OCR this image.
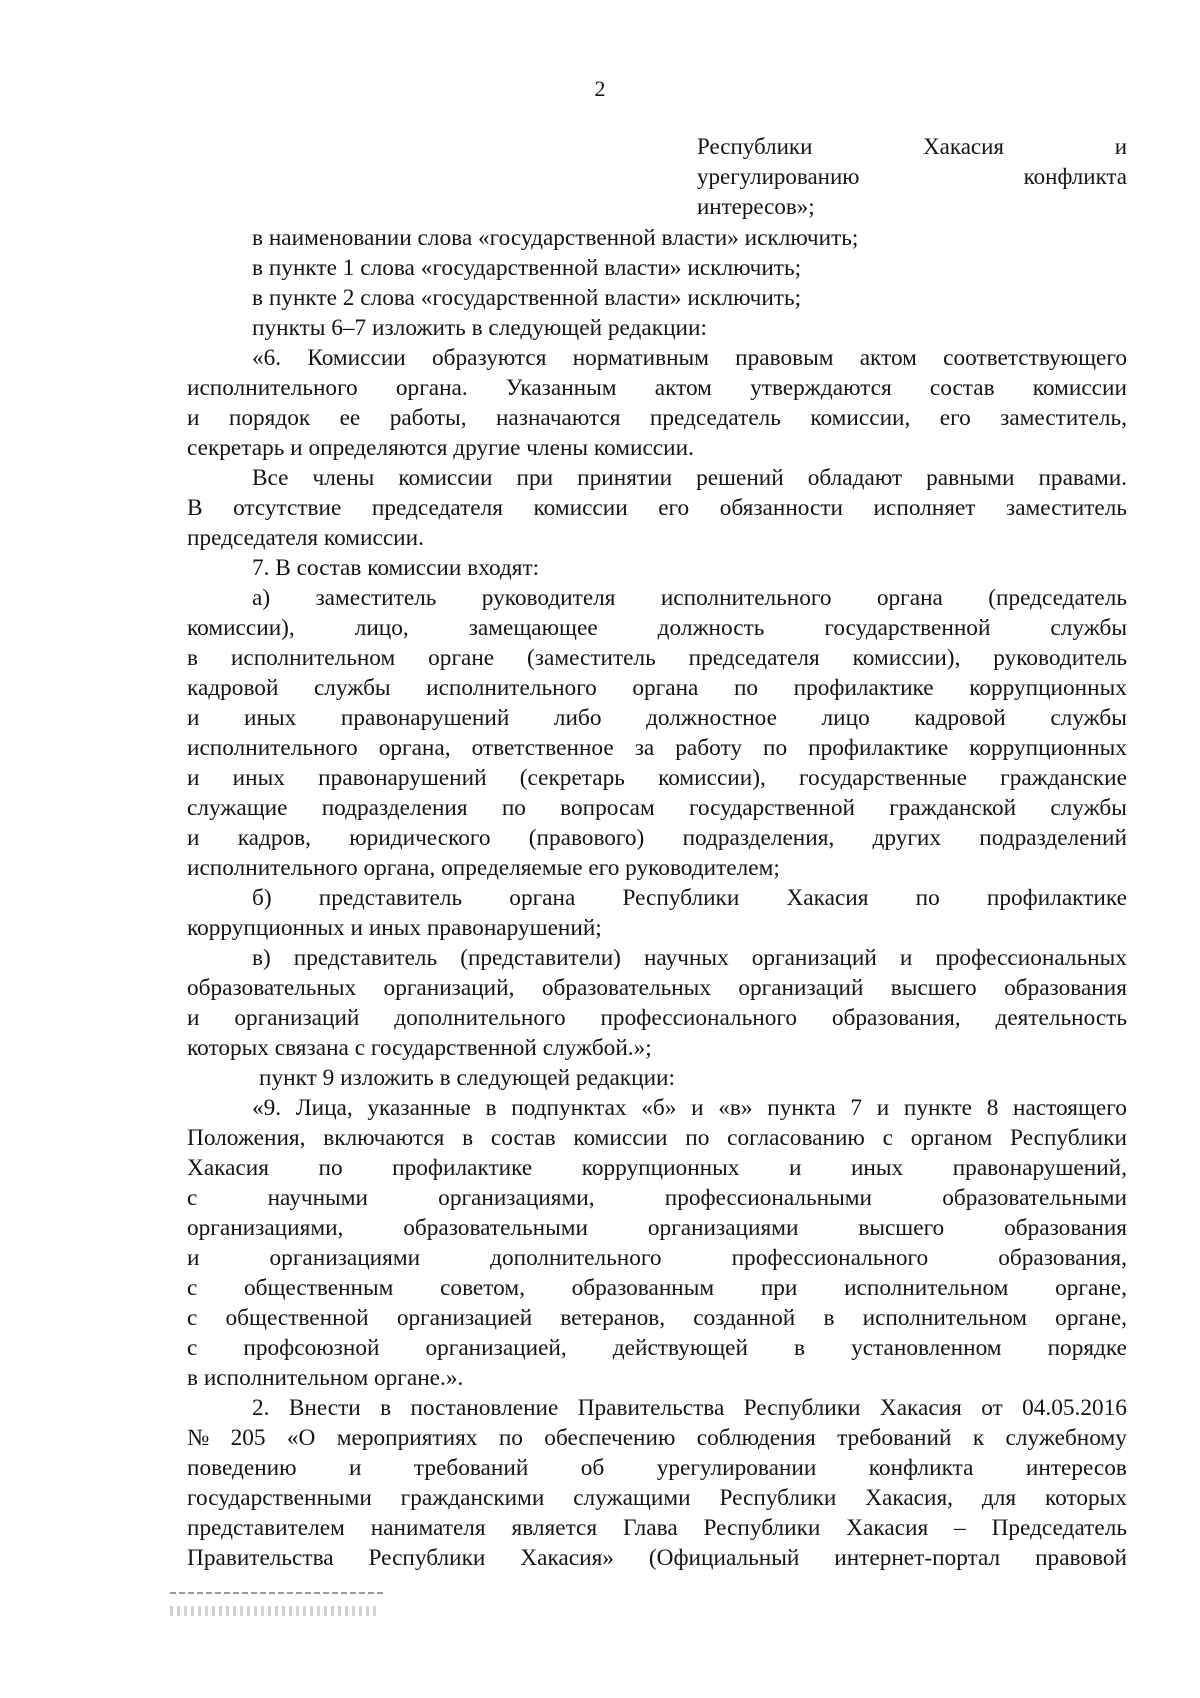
2
Республики	Хакасия	и
урегулированию	конфликта
интересов»;
в наименовании слова «государственной власти» исключить;
в пункте 1 слова «государственной власти» исключить;
в пункте 2 слова «государственной власти» исключить;
пункты 6–7 изложить в следующей редакции:
«6. Комиссии образуются нормативным правовым актом соответствующего
исполнительного органа. Указанным актом утверждаются состав комиссии
и порядок ее работы, назначаются председатель комиссии, его заместитель,
секретарь и определяются другие члены комиссии.
Все члены комиссии при принятии решений обладают равными правами.
В отсутствие председателя комиссии его обязанности исполняет заместитель
председателя комиссии.
7. В состав комиссии входят:
а) заместитель руководителя исполнительного органа (председатель
комиссии),	лицо,	замещающее	должность	государственной	службы
в исполнительном органе (заместитель председателя комиссии), руководитель
кадровой службы исполнительного органа по профилактике коррупционных
и иных правонарушений либо должностное лицо кадровой службы
исполнительного органа, ответственное за работу по профилактике коррупционных
и иных правонарушений (секретарь комиссии), государственные гражданские
служащие подразделения по вопросам государственной гражданской службы
и кадров, юридического (правового) подразделения, других подразделений
исполнительного органа, определяемые его руководителем;
б) представитель органа Республики Хакасия по профилактике
коррупционных и иных правонарушений;
в) представитель (представители) научных организаций и профессиональных
образовательных организаций, образовательных организаций высшего образования
и организаций дополнительного профессионального образования, деятельность
которых связана с государственной службой.»;
пункт 9 изложить в следующей редакции:
«9. Лица, указанные в подпунктах «б» и «в» пункта 7 и пункте 8 настоящего
Положения, включаются в состав комиссии по согласованию с органом Республики
Хакасия по профилактике коррупционных и иных правонарушений,
с	научными	организациями,	профессиональными	образовательными
организациями,	образовательными	организациями	высшего	образования
и	организациями	дополнительного	профессионального	образования,
с общественным советом, образованным при исполнительном органе,
с общественной организацией ветеранов, созданной в исполнительном органе,
с профсоюзной организацией, действующей в установленном порядке
в исполнительном органе.».
2. Внести в постановление Правительства Республики Хакасия от 04.05.2016
№ 205 «О мероприятиях по обеспечению соблюдения требований к служебному
поведению и требований об урегулировании конфликта интересов
государственными гражданскими служащими Республики Хакасия, для которых
представителем нанимателя является Глава Республики Хакасия – Председатель
Правительства Республики Хакасия» (Официальный интернет-портал правовой
